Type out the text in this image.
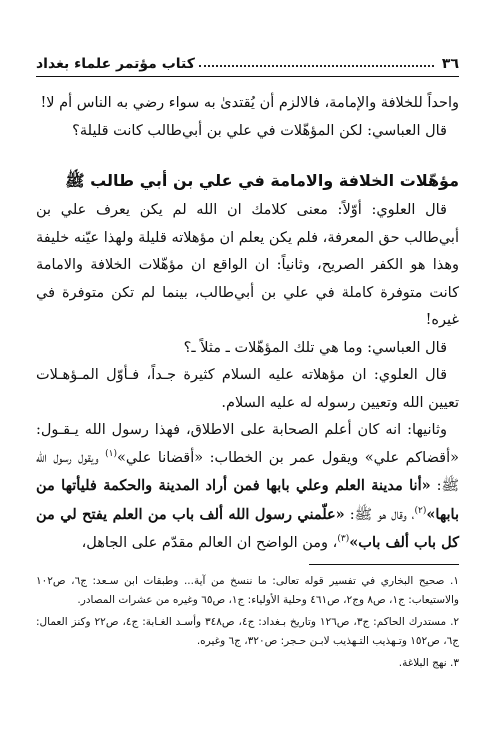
٣٦
كتاب مؤتمر علماء بغداد

واحداً للخلافة والإمامة، فالالزم أن يُقتدىٰ به سواء رضي به الناس أم لا!

قال العباسي: لكن المؤهّلات في علي بن أبي‌طالب كانت قليلة؟

مؤهّلات الخلافة والامامة في علي بن أبي طالب ﷺ

قال العلوي: أوّلاً: معنى كلامك ان الله لم يكن يعرف علي بن أبي‌طالب حق المعرفة، فلم يكن يعلم ان مؤهلاته قليلة ولهذا عيّنه خليفة وهذا هو الكفر الصريح، وثانياً: ان الواقع ان مؤهّلات الخلافة والامامة كانت متوفرة كاملة في علي بن أبي‌طالب، بينما لم تكن متوفرة في غيره!

قال العباسي: وما هي تلك المؤهّلات ـ مثلاً ـ؟

قال العلوي: ان مؤهلاته عليه السلام كثيرة جـداً، فـأوّل المـؤهـلات تعيين الله وتعيين رسوله له عليه السلام.

وثانيها: انه كان أعلم الصحابة على الاطلاق، فهذا رسول الله يـقـول: «أقضاكم علي» ويقول عمر بن الخطاب: «أقضانا علي»$^{(١)}$ ويقول رسول الله ﷺ: «أنا مدينة العلم وعلي بابها فمن أراد المدينة والحكمة فليأتها من بابها»$^{(٢)}$، وقال هو ﷺ: «علّمني رسول الله ألف باب من العلم يفتح لي من كل باب ألف باب»$^{(٣)}$، ومن الواضح ان العالم مقدّم على الجاهل،

١. صحيح البخاري في تفسير قوله تعالى: ما ننسخ من آية... وطبقات ابن سـعد: ج٦، ص١٠٢ والاستيعاب: ج١، ص٨ وج٢، ص٤٦١ وحلية الأولياء: ج١، ص٦٥ وغيره من عشرات المصادر.

٢. مستدرك الحاكم: ج٣، ص١٢٦ وتاريخ بـغداد: ج٤، ص٣٤٨ وأسـد الغـابة: ج٤، ص٢٢ وكنز العمال: ج٦، ص١٥٢ وتـهذيب التـهذيب لابـن حـجر: ص٣٢٠، ج٦ وغيره.

٣. نهج البلاغة.
